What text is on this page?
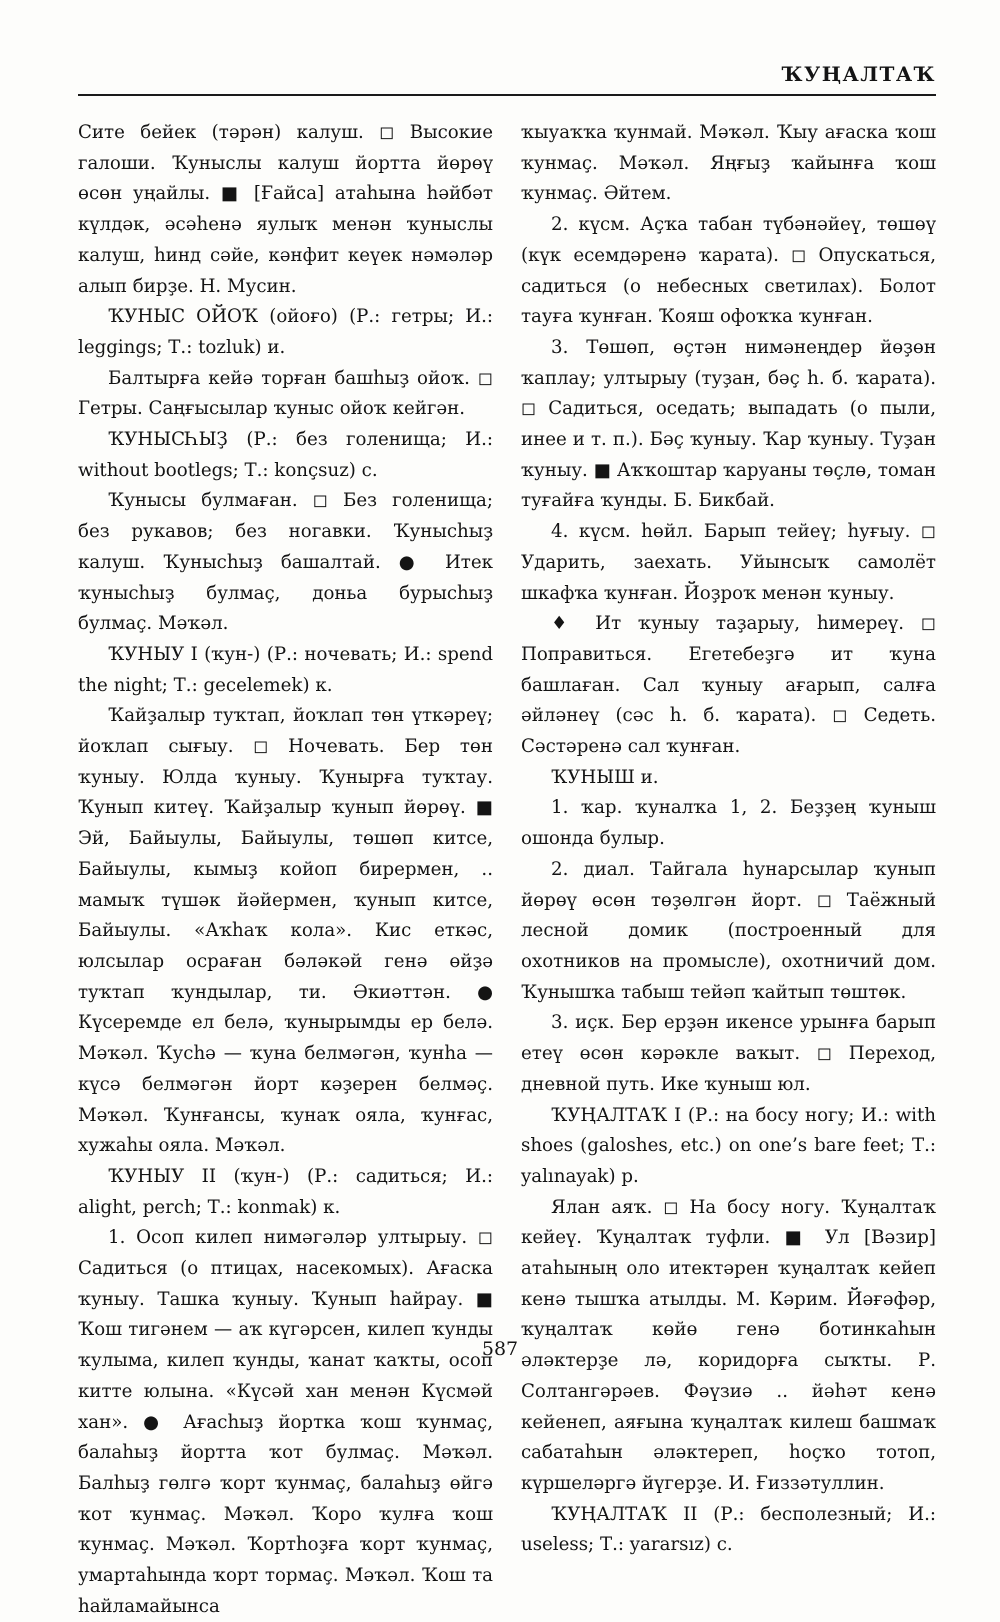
ҠУҢАЛТАҠ

Сите бейек (тәрән) калуш. ◻ Высокие галоши. Ҡуныслы калуш йортта йөрөү өсөн уңайлы. ■ [Ғайса] атаһына һәйбәт күлдәк, әсәһенә яулыҡ менән ҡуныслы калуш, һинд сәйе, кәнфит кеүек нәмәләр алып бирҙе. Н. Мусин.

ҠУНЫС ОЙОҠ (ойоғо) (Р.: гетры; И.: leggings; Т.: tozluk) и.

Балтырға кейә торған башһыҙ ойоҡ. ◻ Гетры. Саңғысылар ҡуныс ойоҡ кейгән.

ҠУНЫСҺЫҘ (Р.: без голенища; И.: without bootlegs; Т.: konçsuz) с.

Ҡунысы булмаған. ◻ Без голенища; без рукавов; без ногавки. Ҡуныcһыҙ калуш. Ҡуныcһыҙ башалтай. ● Итек ҡуныcһыҙ булмаç, доньа бурыcһыҙ булмаç. Мәҡәл.

ҠУНЫУ I (ҡун-) (Р.: ночевать; И.: spend the night; Т.: gecelemek) к.

Ҡайҙалыр туҡтап, йоҡлап төн үткәреү; йоҡлап сығыу. ◻ Ночевать. Бер төн ҡуныу. Юлда ҡуныу. Ҡунырға туҡтау. Ҡунып китеү. Ҡайҙалыр ҡунып йөрөү. ■ Эй, Байыулы, Байыулы, төшөп китсе, Байыулы, кымыҙ койоп бирермен, .. мамыҡ түшәк йәйермен, ҡунып китсе, Байыулы. «Аҡһаҡ кола». Кис еткәс, юлсылар осраған бәләкәй генә өйҙә туҡтап ҡундылар, ти. Әкиәттән. ● Күсеремде ел белә, ҡунырымды ер белә. Мәҡәл. Ҡусһә — ҡуна белмәгән, ҡунһа — күсә белмәгән йорт кәҙерен белмәç. Мәҡәл. Ҡунғансы, ҡунаҡ ояла, ҡунғас, хужаһы ояла. Мәҡәл.

ҠУНЫУ II (ҡун-) (Р.: садиться; И.: alight, perch; Т.: konmak) к.

1. Осоп килеп нимәгәләр ултырыу. ◻ Садиться (о птицах, насекомых). Ағаска ҡуныу. Ташка ҡуныу. Ҡунып һайрау. ■ Ҡош тигәнем — аҡ күгәрсен, килеп ҡунды ҡулыма, килеп ҡунды, ҡанат ҡаҡты, осоп китте юлына. «Күсәй хан менән Күсмәй хан». ● Ағасһыҙ йортка ҡош ҡунмаç, балаһыҙ йортта ҡот булмаç. Мәҡәл. Балһыҙ гөлгә ҡорт ҡунмаç, балаһыҙ өйгә ҡот ҡунмаç. Мәҡәл. Ҡоро ҡулға ҡош ҡунмаç. Мәҡәл. Ҡортһоҙға ҡорт ҡунмаç, умартаһында ҡорт тормаç. Мәҡәл. Ҡош та һайламайынса

ҡыуаҡҡа ҡунмай. Мәҡәл. Ҡыу ағаска ҡош ҡунмаç. Мәҡәл. Яңғыҙ ҡайынға ҡош ҡунмаç. Әйтем.

2. күсм. Аҫҡа табан түбәнәйеү, төшөү (күк есемдәренә ҡарата). ◻ Опускаться, садиться (о небесных светилах). Болот тауға ҡунған. Ҡояш офоҡҡа ҡунған.

3. Төшөп, өҫтән нимәнеңдер йөҙөн ҡаплау; ултырыу (туҙан, бәç һ. б. ҡарата). ◻ Садиться, оседать; выпадать (о пыли, инее и т. п.). Бәç ҡуныу. Ҡар ҡуныу. Туҙан ҡуныу. ■ Аҡҡоштар ҡаруаны төçлө, томан туғайға ҡунды. Б. Бикбай.

4. күсм. һөйл. Барып тейеү; һуғыу. ◻ Ударить, заехать. Уйынсыҡ самолёт шкафҡа ҡунған. Йоҙроҡ менән ҡуныу.

♦ Ит ҡуныу таҙарыу, һимереү. ◻ Поправиться. Егетебеҙгә ит ҡуна башлаған. Сал ҡуныу ағарып, салға әйләнеү (сәс һ. б. ҡарата). ◻ Седеть. Сәстәренә сал ҡунған.

ҠУНЫШ и.

1. ҡар. ҡуналҡа 1, 2. Беҙҙең ҡуныш ошонда булыр.

2. диал. Тайгала һунарсылар ҡунып йөрөү өсөн төҙөлгән йорт. ◻ Таёжный лесной домик (построенный для охотников на промысле), охотничий дом. Ҡунышҡа табыш тейәп ҡайтып төштөк.

3. иçк. Бер ерҙән икенсе урынға барып етеү өсөн кәрәкле ваҡыт. ◻ Переход, дневной путь. Ике ҡуныш юл.

ҠУҢАЛТАҠ I (Р.: на босу ногу; И.: with shoes (galoshes, etc.) on one’s bare feet; Т.: yalınayak) р.

Ялан аяҡ. ◻ На босу ногу. Ҡуңалтаҡ кейеү. Ҡуңалтаҡ туфли. ■ Ул [Вәзир] атаһының оло итектәрен ҡуңалтаҡ кейеп кенә тышҡа атылды. М. Кәрим. Йәғәфәр, ҡуңалтаҡ көйө генә ботинкаһын әләктерҙе лә, коридорға сыҡты. Р. Солтангәрәев. Фәүзиә .. йәһәт кенә кейенеп, аяғына ҡуңалтаҡ килеш башмаҡ сабатаһын әләктереп, һоçҡо тотоп, күршеләргә йүгерҙе. И. Ғиззәтуллин.

ҠУҢАЛТАҠ II (Р.: бесполезный; И.: useless; Т.: yararsız) с.

587
